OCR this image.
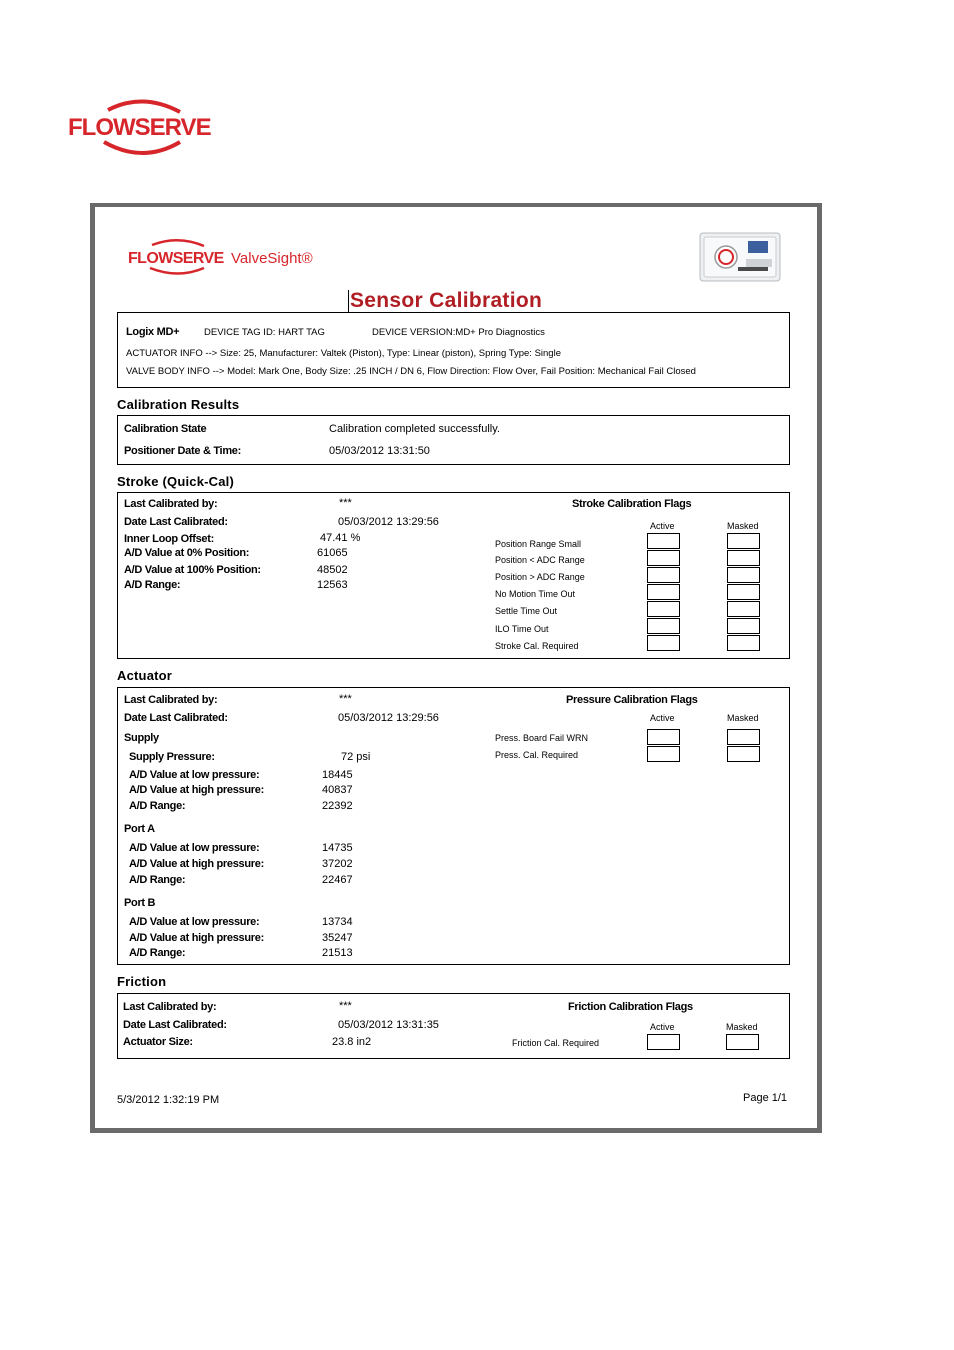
FLOWSERVE
FLOWSERVE ValveSight®
Sensor Calibration
Logix MD+	DEVICE TAG ID: HART TAG	DEVICE VERSION:MD+ Pro Diagnostics
ACTUATOR INFO --> Size: 25, Manufacturer: Valtek (Piston), Type: Linear (piston), Spring Type: Single
VALVE BODY INFO --> Model: Mark One, Body Size: .25 INCH / DN 6, Flow Direction: Flow Over, Fail Position: Mechanical Fail Closed
Calibration Results
Calibration State	Calibration completed successfully.
Positioner Date & Time:	05/03/2012 13:31:50
Stroke (Quick-Cal)
Last Calibrated by:	***
Date Last Calibrated:	05/03/2012 13:29:56
Inner Loop Offset:	47.41 %
A/D Value at 0% Position:	61065
A/D Value at 100% Position:	48502
A/D Range:	12563
Stroke Calibration Flags
Active	Masked
Position Range Small
Position < ADC Range
Position > ADC Range
No Motion Time Out
Settle Time Out
ILO Time Out
Stroke Cal. Required
Actuator
Last Calibrated by:	***
Date Last Calibrated:	05/03/2012 13:29:56
Supply
Supply Pressure:	72 psi
A/D Value at low pressure:	18445
A/D Value at high pressure:	40837
A/D Range:	22392
Port A
A/D Value at low pressure:	14735
A/D Value at high pressure:	37202
A/D Range:	22467
Port B
A/D Value at low pressure:	13734
A/D Value at high pressure:	35247
A/D Range:	21513
Pressure Calibration Flags
Active	Masked
Press. Board Fail WRN
Press. Cal. Required
Friction
Last Calibrated by:	***
Date Last Calibrated:	05/03/2012 13:31:35
Actuator Size:	23.8 in2
Friction Calibration Flags
Active	Masked
Friction Cal. Required
5/3/2012 1:32:19 PM	Page 1/1
